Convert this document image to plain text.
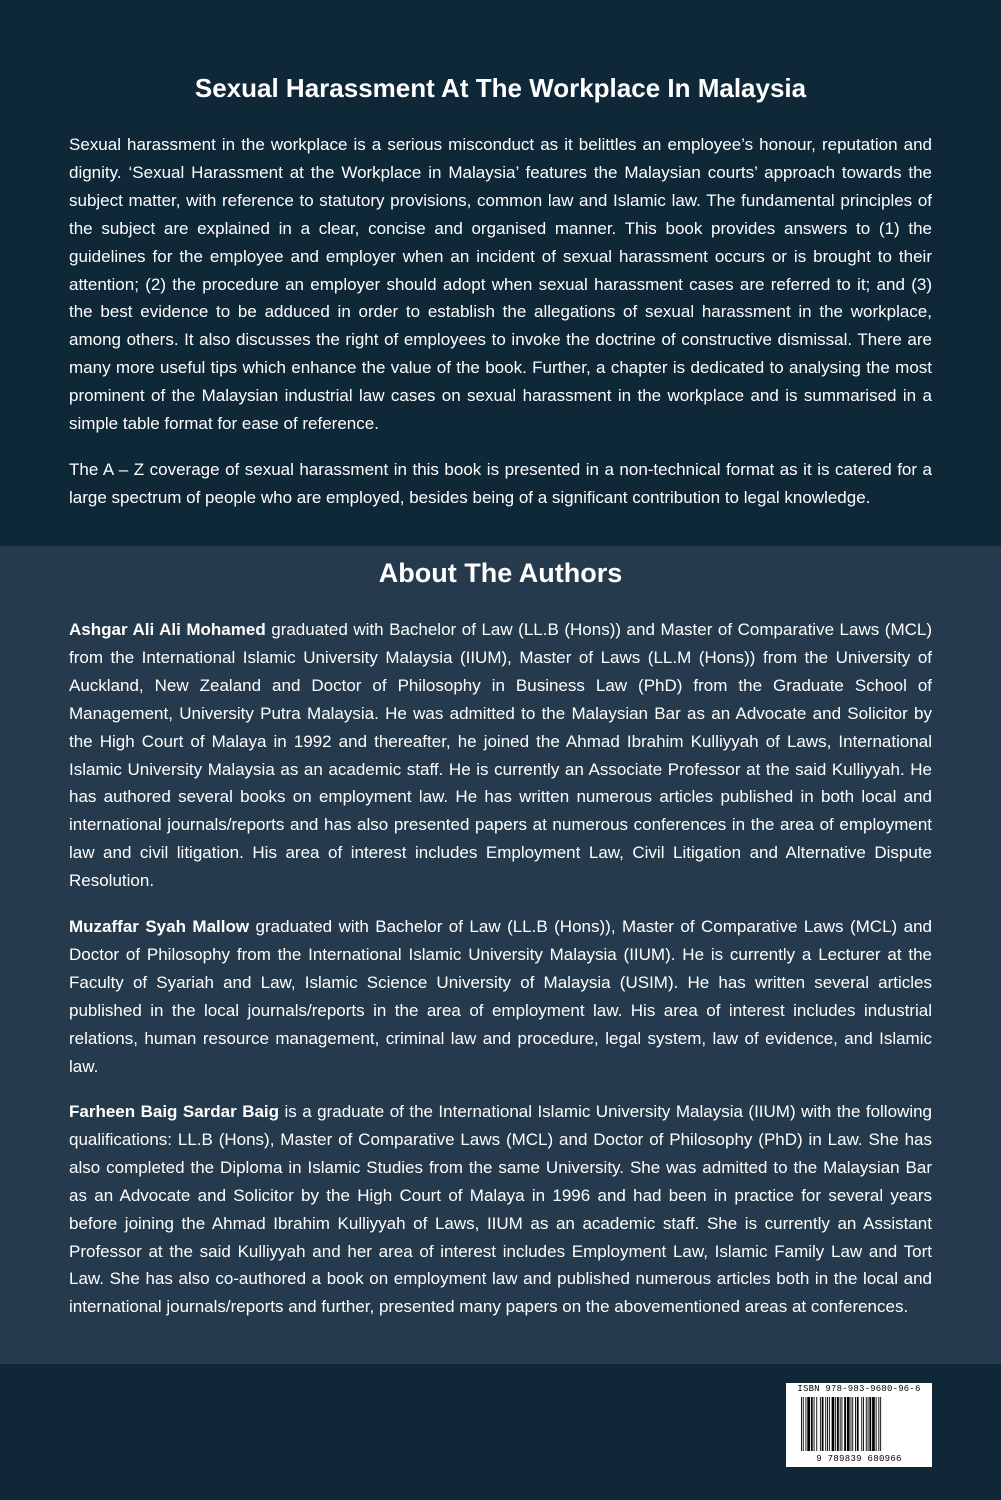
Sexual Harassment At The Workplace In Malaysia

Sexual harassment in the workplace is a serious misconduct as it belittles an employee’s honour, reputation and dignity. ‘Sexual Harassment at the Workplace in Malaysia’ features the Malaysian courts’ approach towards the subject matter, with reference to statutory provisions, common law and Islamic law. The fundamental principles of the subject are explained in a clear, concise and organised manner. This book provides answers to (1) the guidelines for the employee and employer when an incident of sexual harassment occurs or is brought to their attention; (2) the procedure an employer should adopt when sexual harassment cases are referred to it; and (3) the best evidence to be adduced in order to establish the allegations of sexual harassment in the workplace, among others. It also discusses the right of employees to invoke the doctrine of constructive dismissal. There are many more useful tips which enhance the value of the book. Further, a chapter is dedicated to analysing the most prominent of the Malaysian industrial law cases on sexual harassment in the workplace and is summarised in a simple table format for ease of reference.

The A – Z coverage of sexual harassment in this book is presented in a non-technical format as it is catered for a large spectrum of people who are employed, besides being of a significant contribution to legal knowledge.

About The Authors

Ashgar Ali Ali Mohamed graduated with Bachelor of Law (LL.B (Hons)) and Master of Comparative Laws (MCL) from the International Islamic University Malaysia (IIUM), Master of Laws (LL.M (Hons)) from the University of Auckland, New Zealand and Doctor of Philosophy in Business Law (PhD) from the Graduate School of Management, University Putra Malaysia. He was admitted to the Malaysian Bar as an Advocate and Solicitor by the High Court of Malaya in 1992 and thereafter, he joined the Ahmad Ibrahim Kulliyyah of Laws, International Islamic University Malaysia as an academic staff. He is currently an Associate Professor at the said Kulliyyah. He has authored several books on employment law. He has written numerous articles published in both local and international journals/reports and has also presented papers at numerous conferences in the area of employment law and civil litigation. His area of interest includes Employment Law, Civil Litigation and Alternative Dispute Resolution.

Muzaffar Syah Mallow graduated with Bachelor of Law (LL.B (Hons)), Master of Comparative Laws (MCL) and Doctor of Philosophy from the International Islamic University Malaysia (IIUM). He is currently a Lecturer at the Faculty of Syariah and Law, Islamic Science University of Malaysia (USIM). He has written several articles published in the local journals/reports in the area of employment law. His area of interest includes industrial relations, human resource management, criminal law and procedure, legal system, law of evidence, and Islamic law.

Farheen Baig Sardar Baig is a graduate of the International Islamic University Malaysia (IIUM) with the following qualifications: LL.B (Hons), Master of Comparative Laws (MCL) and Doctor of Philosophy (PhD) in Law. She has also completed the Diploma in Islamic Studies from the same University. She was admitted to the Malaysian Bar as an Advocate and Solicitor by the High Court of Malaya in 1996 and had been in practice for several years before joining the Ahmad Ibrahim Kulliyyah of Laws, IIUM as an academic staff. She is currently an Assistant Professor at the said Kulliyyah and her area of interest includes Employment Law, Islamic Family Law and Tort Law. She has also co-authored a book on employment law and published numerous articles both in the local and international journals/reports and further, presented many papers on the abovementioned areas at conferences.

ISBN 978-983-9680-96-6
9 789839 680966
